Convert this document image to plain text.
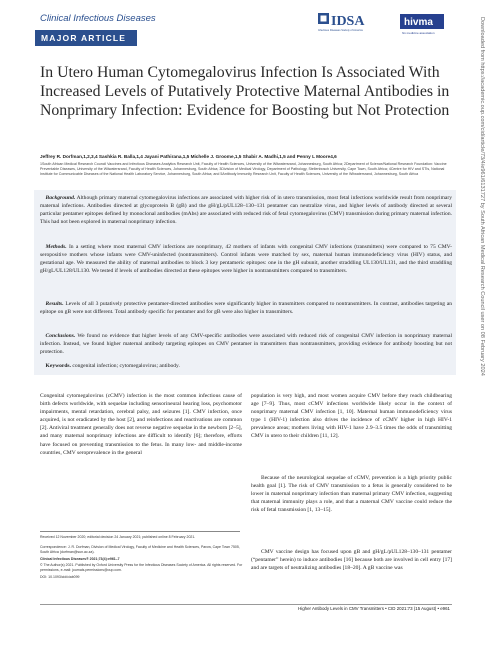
Clinical Infectious Diseases	IDSA
Infectious Diseases Society of America
hivma
hiv medicine association
MAJOR ARTICLE
In Utero Human Cytomegalovirus Infection Is Associated With Increased Levels of Putatively Protective Maternal Antibodies in Nonprimary Infection: Evidence for Boosting but Not Protection
Jeffrey R. Dorfman,1,2,3,4 Sashkia R. Balla,1,4 Jayani Pathirana,1,5 Michelle J. Groome,1,5 Shabir A. Madhi,1,5 and Penny L Moore4,6
1South African Medical Research Council Vaccines and Infectious Diseases Analytics Research Unit, Faculty of Health Sciences, University of the Witwatersrand, Johannesburg, South Africa; 2Department of Science/National Research Foundation: Vaccine Preventable Diseases, University of the Witwatersrand, Faculty of Health Sciences, Johannesburg, South Africa; 3Division of Medical Virology, Department of Pathology, Stellenbosch University, Cape Town, South Africa; 4Centre for HIV and STIs, National Institute for Communicable Diseases of the National Health Laboratory Service, Johannesburg, South Africa; and 5Antibody Immunity Research Unit, Faculty of Health Sciences, University of the Witwatersrand, Johannesburg, South Africa

 Background. Although primary maternal cytomegalovirus infections are associated with higher risk of in utero transmission, most fetal infections worldwide result from nonprimary maternal infections. Antibodies directed at glycoprotein B (gB) and the gH/gL/pUL128–130–131 pentamer can neutralize virus, and higher levels of antibody directed at several particular pentamer epitopes defined by monoclonal antibodies (mAbs) are associated with reduced risk of fetal cytomegalovirus (CMV) transmission during primary maternal infection. This had not been explored in maternal nonprimary infection.

 Methods. In a setting where most maternal CMV infections are nonprimary, 42 mothers of infants with congenital CMV infections (transmitters) were compared to 75 CMV-seropositive mothers whose infants were CMV-uninfected (nontransmitters). Control infants were matched by sex, maternal human immunodeficiency virus (HIV) status, and gestational age. We measured the ability of maternal antibodies to block 3 key pentameric epitopes: one in the gH subunit, another straddling UL130/UL131, and the third straddling gH/gL/UL128/UL130. We tested if levels of antibodies directed at these epitopes were higher in nontransmitters compared to transmitters.

 Results. Levels of all 3 putatively protective pentamer-directed antibodies were significantly higher in transmitters compared to nontransmitters. In contrast, antibodies targeting an epitope on gB were not different. Total antibody specific for pentamer and for gB were also higher in transmitters.

 Conclusions. We found no evidence that higher levels of any CMV-specific antibodies were associated with reduced risk of congenital CMV infection in nonprimary maternal infection. Instead, we found higher maternal antibody targeting epitopes on CMV pentamer in transmitters than nontransmitters, providing evidence for antibody boosting but not protection.

 Keywords. congenital infection; cytomegalovirus; antibody.

Congenital cytomegalovirus (cCMV) infection is the most common infectious cause of birth defects worldwide, with sequelae including sensorineural hearing loss, psychomotor impairments, mental retardation, cerebral palsy, and seizures [1]. CMV infection, once acquired, is not eradicated by the host [2], and reinfections and reactivations are common [2]. Antiviral treatment generally does not reverse negative sequelae in the newborn [2–5], and many maternal nonprimary infections are difficult to identify [6]; therefore, efforts have focused on preventing transmission to the fetus. In many low- and middle-income countries, CMV seroprevalence in the general

population is very high, and most women acquire CMV before they reach childbearing age [7–9]. Thus, most cCMV infections worldwide likely occur in the context of nonprimary maternal CMV infection [1, 10]. Maternal human immunodeficiency virus type 1 (HIV-1) infection also drives the incidence of cCMV higher in high HIV-1 prevalence areas; mothers living with HIV-1 have 2.9–3.5 times the odds of transmitting CMV in utero to their children [11, 12].

Because of the neurological sequelae of cCMV, prevention is a high priority public health goal [1]. The risk of CMV transmission to a fetus is generally considered to be lower in maternal nonprimary infection than maternal primary CMV infection, suggesting that maternal immunity plays a role, and that a maternal CMV vaccine could reduce the risk of fetal transmission [1, 13–15].

CMV vaccine design has focused upon gB and gH/gL/pUL128–130–131 pentamer (“pentamer” herein) to induce antibodies [16] because both are involved in cell entry [17] and are targets of neutralizing antibodies [18–20]. A gB vaccine was

Received 12 November 2020; editorial decision 24 January 2021; published online 8 February 2021.
Correspondence: J. R. Dorfman, Division of Medical Virology, Faculty of Medicine and Health Sciences, Parow, Cape Town 7505, South Africa (dorfman@sun.ac.za).
Clinical Infectious Diseases® 2021;73(4):e961–7
© The Author(s) 2021. Published by Oxford University Press for the Infectious Diseases Society of America. All rights reserved. For permissions, e-mail: journals.permissions@oup.com.
DOI: 10.1093/cid/ciab099
Higher Antibody Levels in CMV Transmitters • CID 2021:73 (15 August) • e961
Downloaded from https://academic.oup.com/cid/article/73/4/e961/6131727 by South African Medical Research Council user on 08 February 2024
